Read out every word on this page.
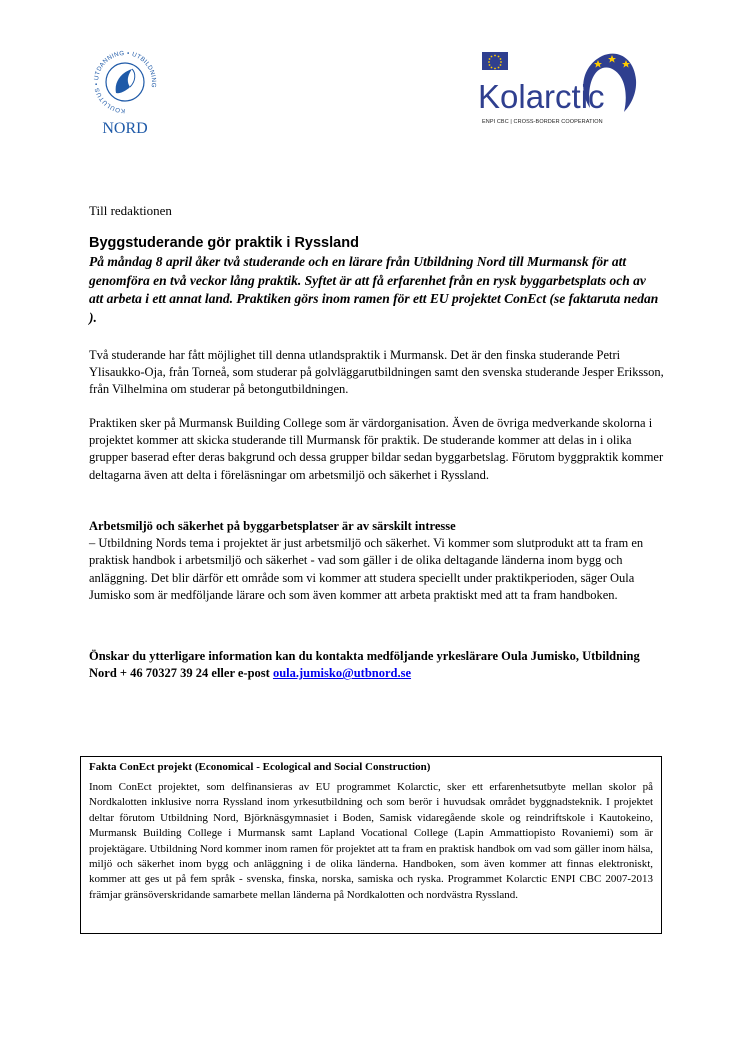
KOULUTUS • UTDANNING • UTBILDNING
NORD
Kolarctic
ENPI CBC | CROSS-BORDER COOPERATION
Till redaktionen
Byggstuderande gör praktik i Ryssland
På måndag 8 april åker två studerande och en lärare från Utbildning Nord till Murmansk för att genomföra en två veckor lång praktik. Syftet är att få erfarenhet från en rysk byggarbetsplats och av att arbeta i ett annat land. Praktiken görs inom ramen för ett EU projektet ConEct (se faktaruta nedan ).
Två studerande har fått möjlighet till denna utlandspraktik i Murmansk. Det är den finska studerande Petri Ylisaukko-Oja, från Torneå, som studerar på golvläggarutbildningen samt den svenska studerande Jesper Eriksson, från Vilhelmina om studerar på betongutbildningen.
Praktiken sker på Murmansk Building College som är värdorganisation. Även de övriga medverkande skolorna i projektet kommer att skicka studerande till Murmansk för praktik. De studerande kommer att delas in i olika grupper baserad efter deras bakgrund och dessa grupper bildar sedan byggarbetslag. Förutom byggpraktik kommer deltagarna även att delta i föreläsningar om arbetsmiljö och säkerhet i Ryssland.
Arbetsmiljö och säkerhet på byggarbetsplatser är av särskilt intresse
– Utbildning Nords tema i projektet är just arbetsmiljö och säkerhet. Vi kommer som slutprodukt att ta fram en praktisk handbok i arbetsmiljö och säkerhet - vad som gäller i de olika deltagande länderna inom bygg och anläggning. Det blir därför ett område som vi kommer att studera speciellt under praktikperioden, säger Oula Jumisko som är medföljande lärare och som även kommer att arbeta praktiskt med att ta fram handboken.
Önskar du ytterligare information kan du kontakta medföljande yrkeslärare Oula Jumisko, Utbildning Nord + 46 70327 39 24 eller e-post oula.jumisko@utbnord.se
Fakta ConEct projekt (Economical - Ecological and Social Construction)
Inom ConEct projektet, som delfinansieras av EU programmet Kolarctic, sker ett erfarenhetsutbyte mellan skolor på Nordkalotten inklusive norra Ryssland inom yrkesutbildning och som berör i huvudsak området byggnadsteknik. I projektet deltar förutom Utbildning Nord, Björknäsgymnasiet i Boden, Samisk vidaregående skole og reindriftskole i Kautokeino, Murmansk Building College i Murmansk samt Lapland Vocational College (Lapin Ammattiopisto Rovaniemi) som är projektägare. Utbildning Nord kommer inom ramen för projektet att ta fram en praktisk handbok om vad som gäller inom hälsa, miljö och säkerhet inom bygg och anläggning i de olika länderna. Handboken, som även kommer att finnas elektroniskt, kommer att ges ut på fem språk - svenska, finska, norska, samiska och ryska. Programmet Kolarctic ENPI CBC 2007-2013 främjar gränsöverskridande samarbete mellan länderna på Nordkalotten och nordvästra Ryssland.
